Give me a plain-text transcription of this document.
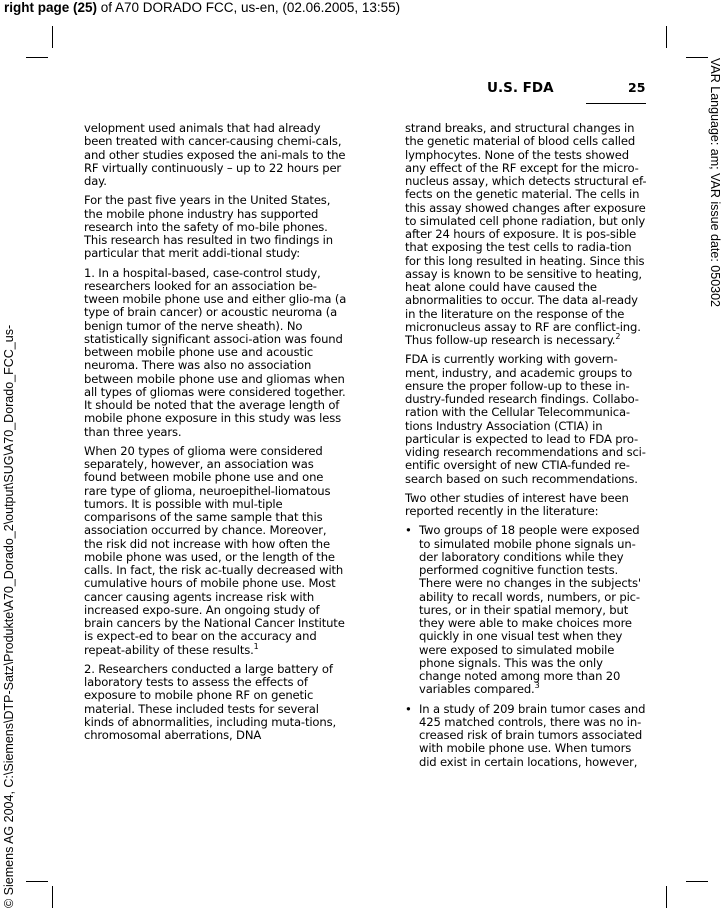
right page (25) of A70 DORADO FCC, us-en, (02.06.2005, 13:55)
VAR Language: am; VAR issue date: 050302
© Siemens AG 2004, C:\Siemens\DTP-Satz\Produkte\A70_Dorado_2\output\SUG\A70_Dorado_FCC_us-
U.S. FDA	25

velopment used animals that had already been treated with cancer-causing chemi-cals, and other studies exposed the ani-mals to the RF virtually continuously – up to 22 hours per day.

For the past five years in the United States, the mobile phone industry has supported research into the safety of mo-bile phones. This research has resulted in two findings in particular that merit addi-tional study:

1. In a hospital-based, case-control study, researchers looked for an association be-tween mobile phone use and either glio-ma (a type of brain cancer) or acoustic neuroma (a benign tumor of the nerve sheath). No statistically significant associ-ation was found between mobile phone use and acoustic neuroma. There was also no association between mobile phone use and gliomas when all types of gliomas were considered together. It should be noted that the average length of mobile phone exposure in this study was less than three years.

When 20 types of glioma were considered separately, however, an association was found between mobile phone use and one rare type of glioma, neuroepithel-liomatous tumors. It is possible with mul-tiple comparisons of the same sample that this association occurred by chance. Moreover, the risk did not increase with how often the mobile phone was used, or the length of the calls. In fact, the risk ac-tually decreased with cumulative hours of mobile phone use. Most cancer causing agents increase risk with increased expo-sure. An ongoing study of brain cancers by the National Cancer Institute is expect-ed to bear on the accuracy and repeat-ability of these results.$^1$

2. Researchers conducted a large battery of laboratory tests to assess the effects of exposure to mobile phone RF on genetic material. These included tests for several kinds of abnormalities, including muta-tions, chromosomal aberrations, DNA

strand breaks, and structural changes in the genetic material of blood cells called lymphocytes. None of the tests showed any effect of the RF except for the micro-nucleus assay, which detects structural ef-fects on the genetic material. The cells in this assay showed changes after exposure to simulated cell phone radiation, but only after 24 hours of exposure. It is pos-sible that exposing the test cells to radia-tion for this long resulted in heating. Since this assay is known to be sensitive to heating, heat alone could have caused the abnormalities to occur. The data al-ready in the literature on the response of the micronucleus assay to RF are conflict-ing. Thus follow-up research is necessary.$^2$

FDA is currently working with govern-ment, industry, and academic groups to ensure the proper follow-up to these in-dustry-funded research findings. Collabo-ration with the Cellular Telecommunica-tions Industry Association (CTIA) in particular is expected to lead to FDA pro-viding research recommendations and sci-entific oversight of new CTIA-funded re-search based on such recommendations.

Two other studies of interest have been reported recently in the literature:

• Two groups of 18 people were exposed to simulated mobile phone signals un-der laboratory conditions while they performed cognitive function tests. There were no changes in the subjects' ability to recall words, numbers, or pic-tures, or in their spatial memory, but they were able to make choices more quickly in one visual test when they were exposed to simulated mobile phone signals. This was the only change noted among more than 20 variables compared.$^3$
• In a study of 209 brain tumor cases and 425 matched controls, there was no in-creased risk of brain tumors associated with mobile phone use. When tumors did exist in certain locations, however,
